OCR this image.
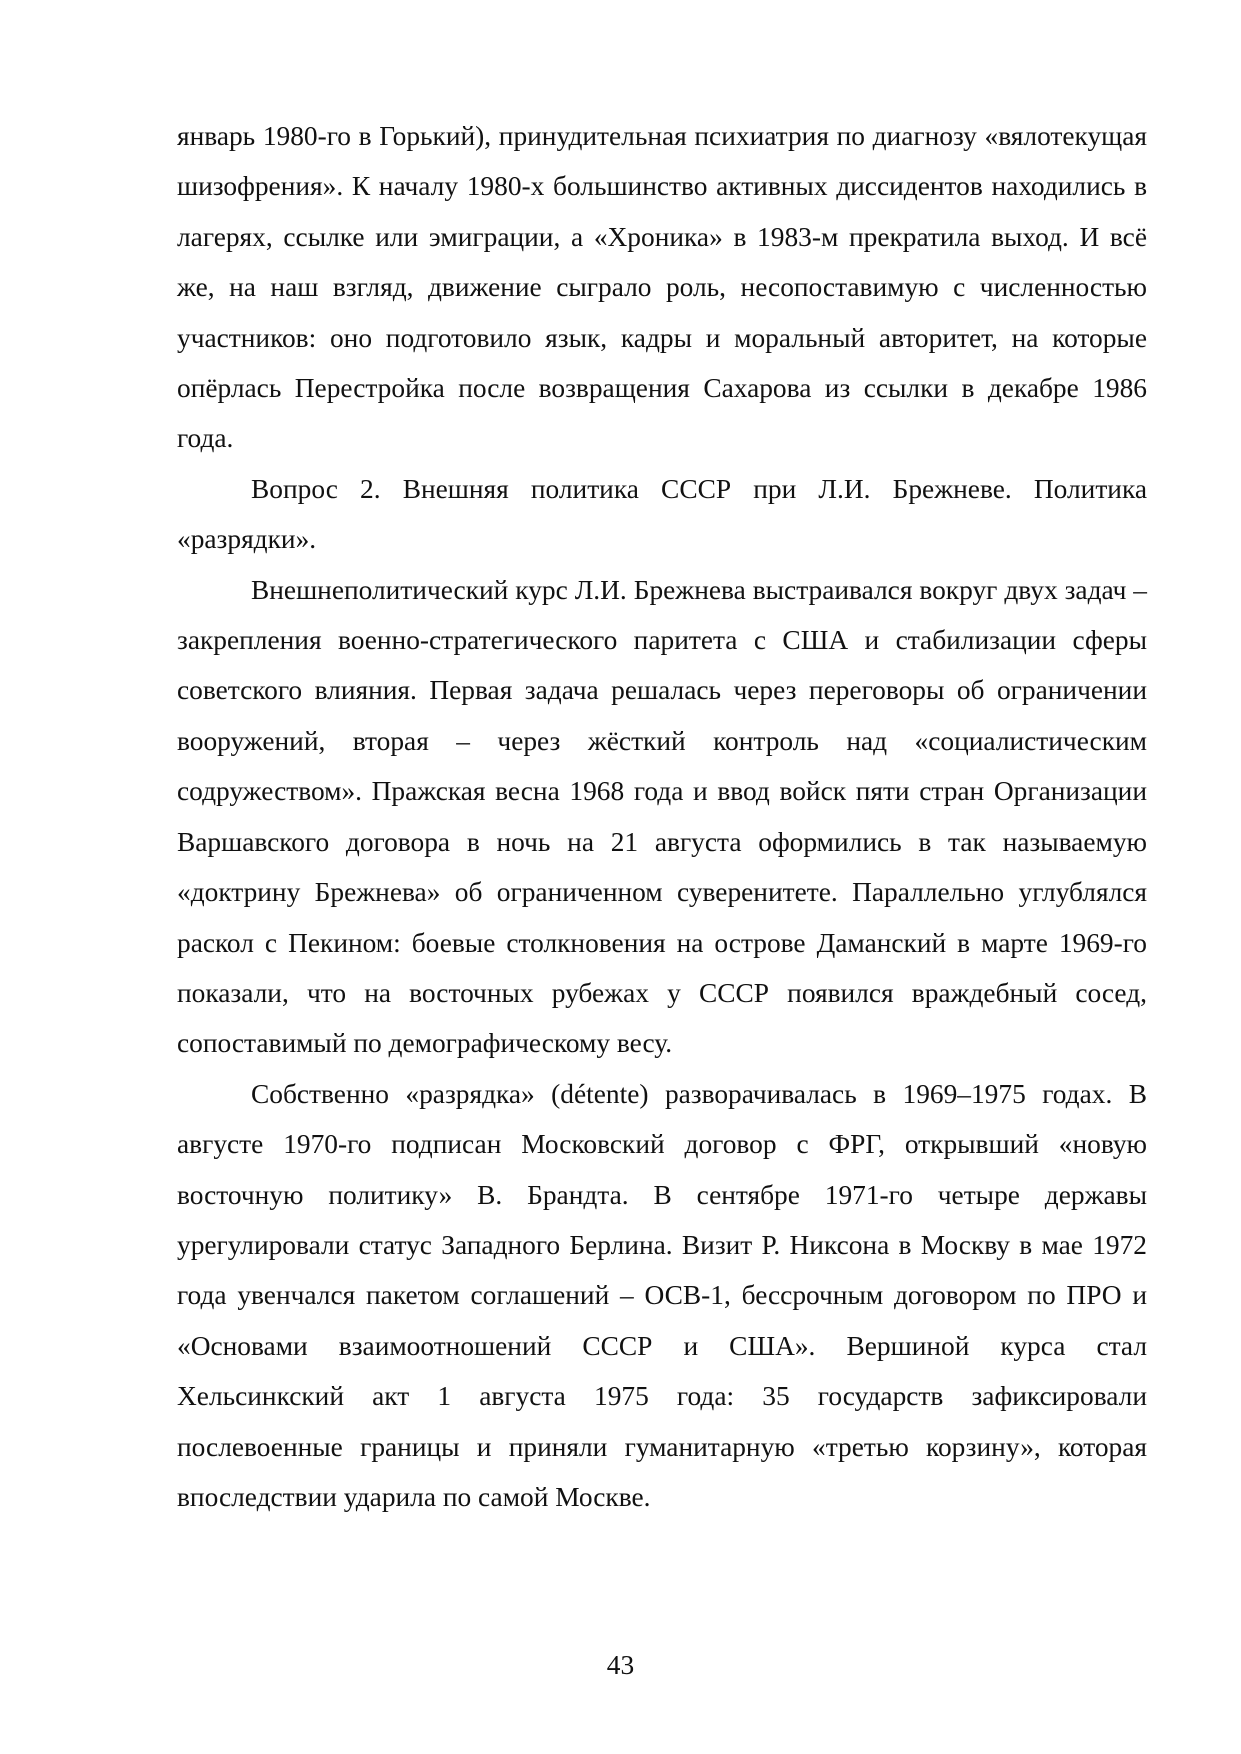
январь 1980-го в Горький), принудительная психиатрия по диагнозу «вялотекущая шизофрения». К началу 1980-х большинство активных диссидентов находились в лагерях, ссылке или эмиграции, а «Хроника» в 1983-м прекратила выход. И всё же, на наш взгляд, движение сыграло роль, несопоставимую с численностью участников: оно подготовило язык, кадры и моральный авторитет, на которые опёрлась Перестройка после возвращения Сахарова из ссылки в декабре 1986 года.

Вопрос 2. Внешняя политика СССР при Л.И. Брежневе. Политика «разрядки».

Внешнеполитический курс Л.И. Брежнева выстраивался вокруг двух задач – закрепления военно-стратегического паритета с США и стабилизации сферы советского влияния. Первая задача решалась через переговоры об ограничении вооружений, вторая – через жёсткий контроль над «социалистическим содружеством». Пражская весна 1968 года и ввод войск пяти стран Организации Варшавского договора в ночь на 21 августа оформились в так называемую «доктрину Брежнева» об ограниченном суверенитете. Параллельно углублялся раскол с Пекином: боевые столкновения на острове Даманский в марте 1969-го показали, что на восточных рубежах у СССР появился враждебный сосед, сопоставимый по демографическому весу.

Собственно «разрядка» (détente) разворачивалась в 1969–1975 годах. В августе 1970-го подписан Московский договор с ФРГ, открывший «новую восточную политику» В. Брандта. В сентябре 1971-го четыре державы урегулировали статус Западного Берлина. Визит Р. Никсона в Москву в мае 1972 года увенчался пакетом соглашений – ОСВ-1, бессрочным договором по ПРО и «Основами взаимоотношений СССР и США». Вершиной курса стал Хельсинкский акт 1 августа 1975 года: 35 государств зафиксировали послевоенные границы и приняли гуманитарную «третью корзину», которая впоследствии ударила по самой Москве.

43
